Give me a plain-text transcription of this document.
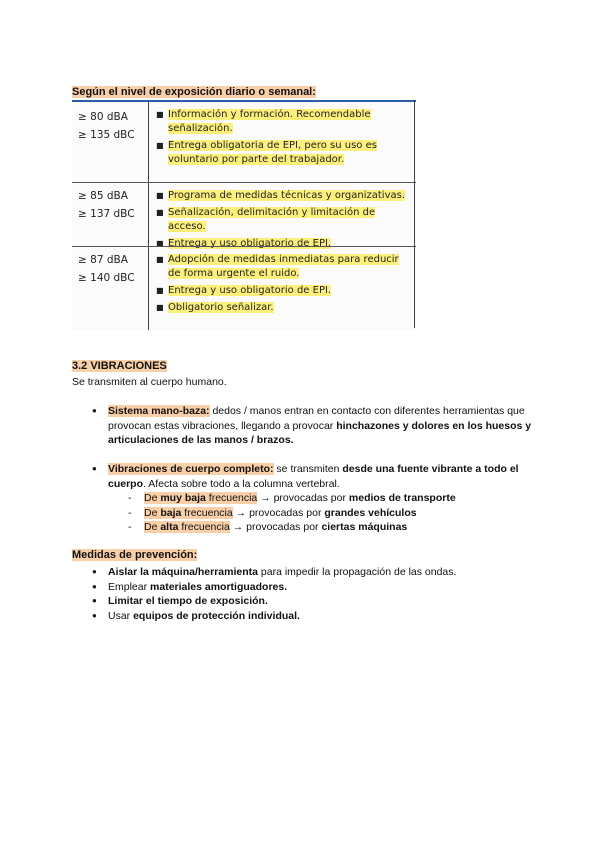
Según el nivel de exposición diario o semanal:
≥ 80 dBA
≥ 135 dBC
■ Información y formación. Recomendable señalización.
■ Entrega obligatoria de EPI, pero su uso es voluntario por parte del trabajador.
≥ 85 dBA
≥ 137 dBC
■ Programa de medidas técnicas y organizativas.
■ Señalización, delimitación y limitación de acceso.
■ Entrega y uso obligatorio de EPI.
≥ 87 dBA
≥ 140 dBC
■ Adopción de medidas inmediatas para reducir de forma urgente el ruido.
■ Entrega y uso obligatorio de EPI.
■ Obligatorio señalizar.
3.2 VIBRACIONES
Se transmiten al cuerpo humano.
● Sistema mano-baza: dedos / manos entran en contacto con diferentes herramientas que provocan estas vibraciones, llegando a provocar hinchazones y dolores en los huesos y articulaciones de las manos / brazos.
● Vibraciones de cuerpo completo: se transmiten desde una fuente vibrante a todo el cuerpo. Afecta sobre todo a la columna vertebral.
- De muy baja frecuencia → provocadas por medios de transporte
- De baja frecuencia → provocadas por grandes vehículos
- De alta frecuencia → provocadas por ciertas máquinas
Medidas de prevención:
● Aislar la máquina/herramienta para impedir la propagación de las ondas.
● Emplear materiales amortiguadores.
● Limitar el tiempo de exposición.
● Usar equipos de protección individual.
